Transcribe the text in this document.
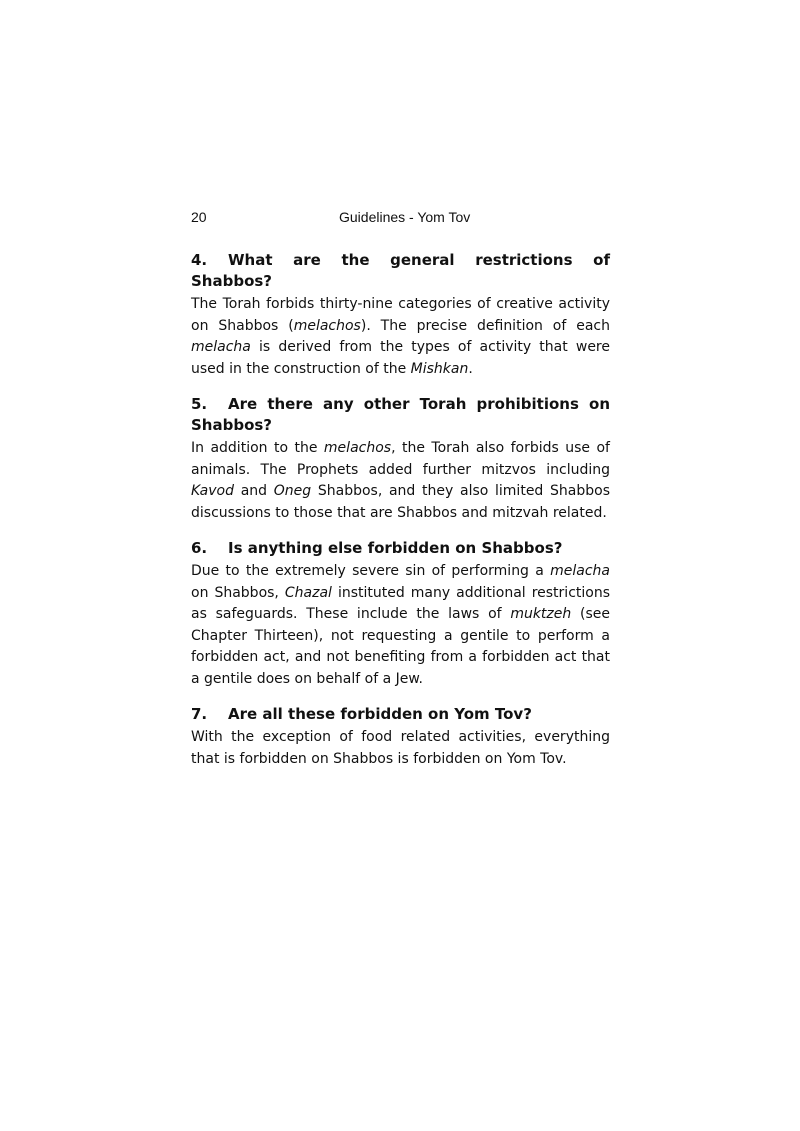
20	Guidelines - Yom Tov

4. What are the general restrictions of Shabbos?

The Torah forbids thirty-nine categories of creative activity on Shabbos (melachos). The precise definition of each melacha is derived from the types of activity that were used in the construction of the Mishkan.

5. Are there any other Torah prohibitions on Shabbos?

In addition to the melachos, the Torah also forbids use of animals. The Prophets added further mitzvos including Kavod and Oneg Shabbos, and they also limited Shabbos discussions to those that are Shabbos and mitzvah related.

6. Is anything else forbidden on Shabbos?

Due to the extremely severe sin of performing a melacha on Shabbos, Chazal instituted many additional restrictions as safeguards. These include the laws of muktzeh (see Chapter Thirteen), not requesting a gentile to perform a forbidden act, and not benefiting from a forbidden act that a gentile does on behalf of a Jew.

7. Are all these forbidden on Yom Tov?

With the exception of food related activities, everything that is forbidden on Shabbos is forbidden on Yom Tov.
